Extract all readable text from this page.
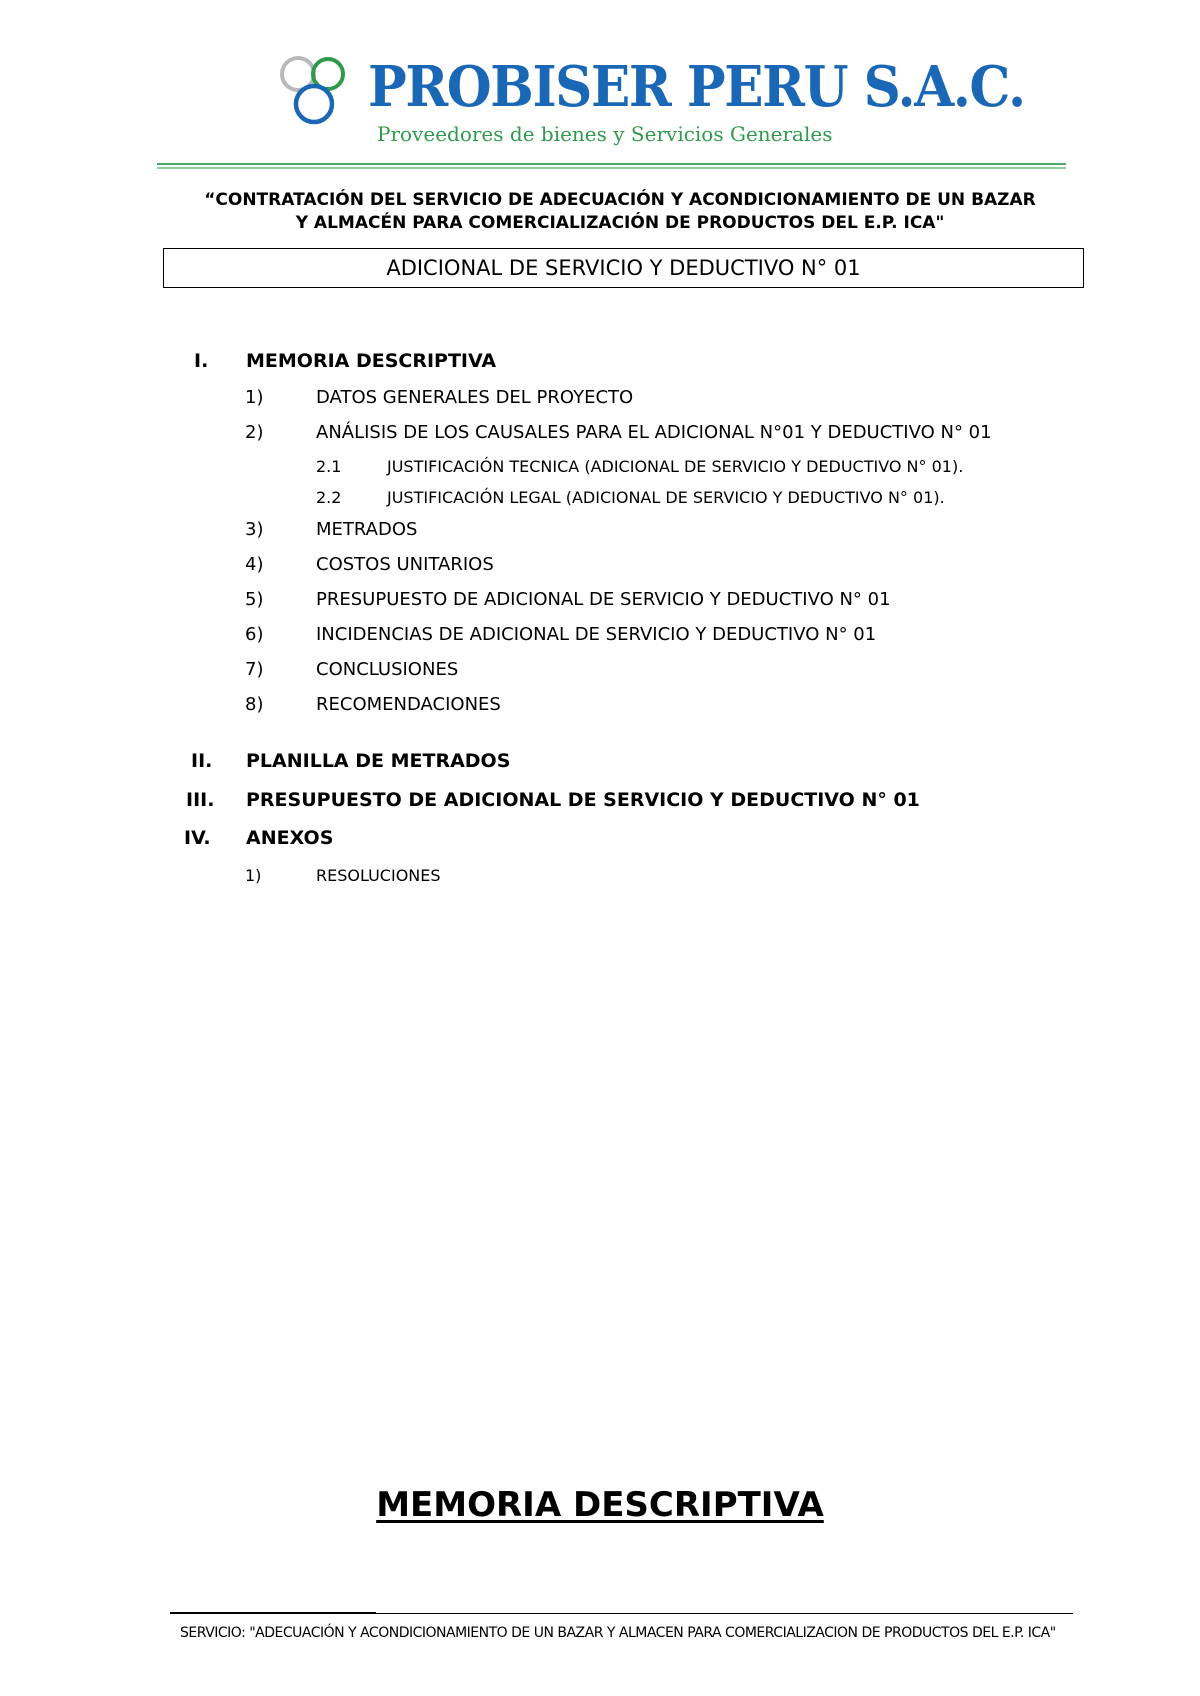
PROBISER PERU S.A.C.
Proveedores de bienes y Servicios Generales
“CONTRATACIÓN DEL SERVICIO DE ADECUACIÓN Y ACONDICIONAMIENTO DE UN BAZAR
Y ALMACÉN PARA COMERCIALIZACIÓN DE PRODUCTOS DEL E.P. ICA"
ADICIONAL DE SERVICIO Y DEDUCTIVO N° 01
I. MEMORIA DESCRIPTIVA
1)	DATOS GENERALES DEL PROYECTO
2)	ANÁLISIS DE LOS CAUSALES PARA EL ADICIONAL N°01 Y DEDUCTIVO N° 01
2.1	JUSTIFICACIÓN TECNICA (ADICIONAL DE SERVICIO Y DEDUCTIVO N° 01).
2.2	JUSTIFICACIÓN LEGAL (ADICIONAL DE SERVICIO Y DEDUCTIVO N° 01).
3)	METRADOS
4)	COSTOS UNITARIOS
5)	PRESUPUESTO DE ADICIONAL DE SERVICIO Y DEDUCTIVO N° 01
6)	INCIDENCIAS DE ADICIONAL DE SERVICIO Y DEDUCTIVO N° 01
7)	CONCLUSIONES
8)	RECOMENDACIONES
II. PLANILLA DE METRADOS
III. PRESUPUESTO DE ADICIONAL DE SERVICIO Y DEDUCTIVO N° 01
IV. ANEXOS
1)	RESOLUCIONES
MEMORIA DESCRIPTIVA
SERVICIO: "ADECUACIÓN Y ACONDICIONAMIENTO DE UN BAZAR Y ALMACEN PARA COMERCIALIZACION DE PRODUCTOS DEL E.P. ICA"
